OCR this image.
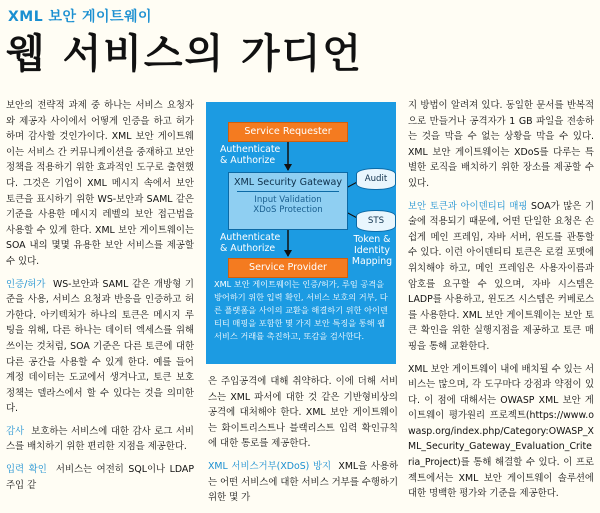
XML 보안 게이트웨이
웹 서비스의 가디언

보안의 전략적 과제 중 하나는 서비스 요청자와 제공자 사이에서 어떻게 인증을 하고 허가하며 감사할 것인가이다. XML 보안 게이트웨이는 서비스 간 커뮤니케이션을 중재하고 보안 정책을 적용하기 위한 효과적인 도구로 출현했다. 그것은 기업이 XML 메시지 속에서 보안 토큰을 표시하기 위한 WS-보안과 SAML 같은 기준을 사용한 메시지 레벨의 보안 접근법을 사용할 수 있게 한다. XML 보안 게이트웨이는 SOA 내의 몇몇 유용한 보안 서비스를 제공할 수 있다.

인증/허가 WS-보안과 SAML 같은 개방형 기준을 사용, 서비스 요청과 반응을 인증하고 허가한다. 아키텍처가 하나의 토큰은 메시지 루팅을 위해, 다른 하나는 데이터 엑세스를 위해 쓰이는 것처럼, SOA 기준은 다른 토큰에 대한 다른 공간을 사용할 수 있게 한다. 예를 들어 계정 데이터는 도교에서 생겨나고, 토큰 보호 정책는 델라스에서 할 수 있다는 것을 의미한다.

감사 보호하는 서비스에 대한 감사 로그 서비스를 배치하기 위한 편리한 지점을 제공한다.

입력 확인 서비스는 여전히 SQL이나 LDAP 주입 같

Service Requester
Authenticate
& Authorize
XML Security Gateway
Input Validation
XDoS Protection
Audit
STS
Token &
Identity
Mapping
Authenticate
& Authorize
Service Provider
XML 보안 게이트웨이는 인증/허가, 루임 공격을 방어하기 위한 입력 확인, 서비스 보호의 거부, 다른 플랫폼을 사이의 교환을 해결하기 위한 아이덴티티 매핑을 포함한 몇 가지 보안 특징을 통해 웹 서비스 거래를 촉진하고, 또감을 검사한다.

은 주입공격에 대해 취약하다. 이에 더해 서비스는 XML 파서에 대한 것 같은 기반형비상의 공격에 대처해야 한다. XML 보안 게이트웨이는 화이트리스트나 블랙리스트 입력 확인규칙에 대한 통로를 제공한다.

XML 서비스거부(XDoS) 방지 XML을 사용하는 어떤 서비스에 대한 서비스 거부를 수행하기 위한 몇 가

지 방법이 알려져 있다. 동일한 문서를 반복적으로 만들거나 공격자가 1 GB 파일을 전송하는 것을 막을 수 없는 상황을 막을 수 있다. XML 보안 게이트웨이는 XDoS를 다루는 특별한 로직을 배치하기 위한 장소를 제공할 수 있다.

보안 토큰과 아이덴티티 매핑 SOA가 많은 기술에 적용되기 때문에, 어떤 단일한 요청은 손쉽게 메인 프레임, 자바 서버, 윈도를 관통할 수 있다. 이런 아이덴티티 토큰은 로컬 포맷에 위치해야 하고, 메인 프레임은 사용자이름과 암호를 요구할 수 있으며, 자바 시스템은 LADP를 사용하고, 윈도즈 시스템은 커베로스를 사용한다. XML 보안 게이트웨이는 보안 토큰 확인을 위한 실행지점을 제공하고 토큰 매핑을 통해 교환한다.

XML 보안 게이트웨이 내에 배치될 수 있는 서비스는 많으며, 각 도구마다 강점과 약점이 있다. 이 점에 대해서는 OWASP XML 보안 게이트웨이 평가원리 프로젝트(https://www.owasp.org/index.php/Category:OWASP_XML_Security_Gateway_Evaluation_Criteria_Project)를 통해 해결할 수 있다. 이 프로젝트에서는 XML 보안 게이트웨이 솔루션에 대한 명백한 평가와 기준을 제공한다.
